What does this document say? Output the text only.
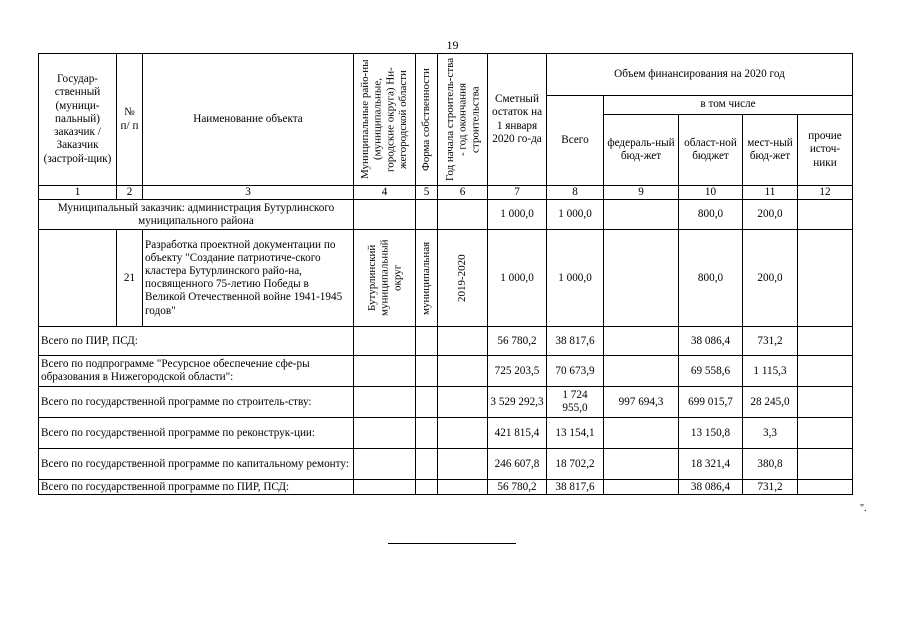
19
Государ-ственный (муници-пальный) заказчик / Заказчик (застрой-щик)	№ п/ п	Наименование объекта	Муниципальные райо-ны (муниципальные, городские округа) Ни-жегородской области	Форма собственности	Год начала строитель-ства - год окончания строительства	Сметный остаток на 1 января 2020 го-да	Объем финансирования на 2020 год				
							Всего	в том числе			
								федераль-ный бюд-жет	област-ной бюджет	мест-ный бюд-жет	прочие источ-ники
1	2	3	4	5	6	7	8	9	10	11	12
Муниципальный заказчик: администрация Бутурлинского муниципального района						1 000,0	1 000,0		800,0	200,0	
	21	Разработка проектной документации по объекту "Создание патриотиче-ского кластера Бутурлинского райо-на, посвященного 75-летию Победы в Великой Отечественной войне 1941-1945 годов"	Бутурлинский муниципальный округ	муниципальная	2019-2020	1 000,0	1 000,0		800,0	200,0	
Всего по ПИР, ПСД:						56 780,2	38 817,6		38 086,4	731,2	
Всего по подпрограмме "Ресурсное обеспечение сфе-ры образования в Нижегородской области":						725 203,5	70 673,9		69 558,6	1 115,3	
Всего по государственной программе по строитель-ству:						3 529 292,3	1 724 955,0	997 694,3	699 015,7	28 245,0	
Всего по государственной программе по реконструк-ции:						421 815,4	13 154,1		13 150,8	3,3	
Всего по государственной программе по капитальному ремонту:						246 607,8	18 702,2		18 321,4	380,8	
Всего по государственной программе по ПИР, ПСД:						56 780,2	38 817,6		38 086,4	731,2	
".
